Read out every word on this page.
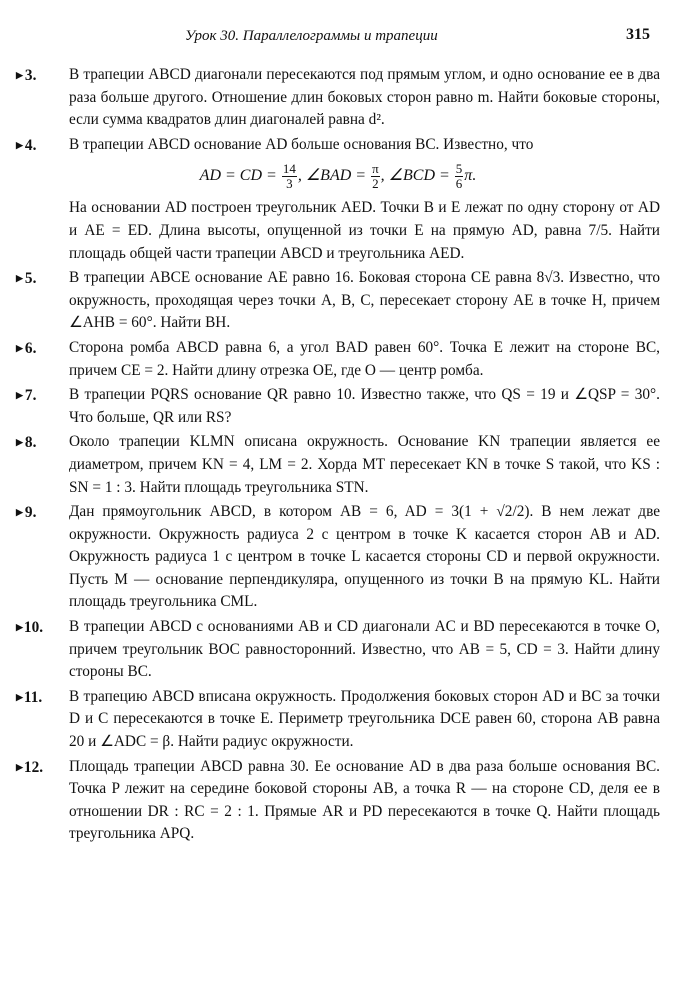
Урок 30. Параллелограммы и трапеции	315
▶ 3.	В трапеции ABCD диагонали пересекаются под прямым углом, и одно основание ее в два раза больше другого. Отношение длин боковых сторон равно m. Найти боковые стороны, если сумма квадратов длин диагоналей равна d².
▶ 4.	В трапеции ABCD основание AD больше основания BC. Известно, что
AD = CD = $\frac{14}{3}$ , ∠BAD = $\frac{\pi}{2}$ , ∠BCD = $\frac{5}{6} \pi$.
На основании AD построен треугольник AED. Точки B и E лежат по одну сторону от AD и AE = ED. Длина высоты, опущенной из точки E на прямую AD, равна 7/5. Найти площадь общей части трапеции ABCD и треугольника AED.
▶ 5.	В трапеции ABCE основание AE равно 16. Боковая сторона CE равна 8√3. Известно, что окружность, проходящая через точки A, B, C, пересекает сторону AE в точке H, причем ∠AHB = 60°. Найти BH.
▶ 6.	Сторона ромба ABCD равна 6, а угол BAD равен 60°. Точка E лежит на стороне BC, причем CE = 2. Найти длину отрезка OE, где O — центр ромба.
▶ 7.	В трапеции PQRS основание QR равно 10. Известно также, что QS = 19 и ∠QSP = 30°. Что больше, QR или RS?
▶ 8.	Около трапеции KLMN описана окружность. Основание KN трапеции является ее диаметром, причем KN = 4, LM = 2. Хорда MT пересекает KN в точке S такой, что KS : SN = 1 : 3. Найти площадь треугольника STN.
▶ 9.	Дан прямоугольник ABCD, в котором AB = 6, AD = 3(1 + √2/2). В нем лежат две окружности. Окружность радиуса 2 с центром в точке K касается сторон AB и AD. Окружность радиуса 1 с центром в точке L касается стороны CD и первой окружности. Пусть M — основание перпендикуляра, опущенного из точки B на прямую KL. Найти площадь треугольника CML.
▶10.	В трапеции ABCD с основаниями AB и CD диагонали AC и BD пересекаются в точке O, причем треугольник BOC равносторонний. Известно, что AB = 5, CD = 3. Найти длину стороны BC.
▶11.	В трапецию ABCD вписана окружность. Продолжения боковых сторон AD и BC за точки D и C пересекаются в точке E. Периметр треугольника DCE равен 60, сторона AB равна 20 и ∠ADC = β. Найти радиус окружности.
▶12.	Площадь трапеции ABCD равна 30. Ее основание AD в два раза больше основания BC. Точка P лежит на середине боковой стороны AB, а точка R — на стороне CD, деля ее в отношении DR : RC = 2 : 1. Прямые AR и PD пересекаются в точке Q. Найти площадь треугольника APQ.
